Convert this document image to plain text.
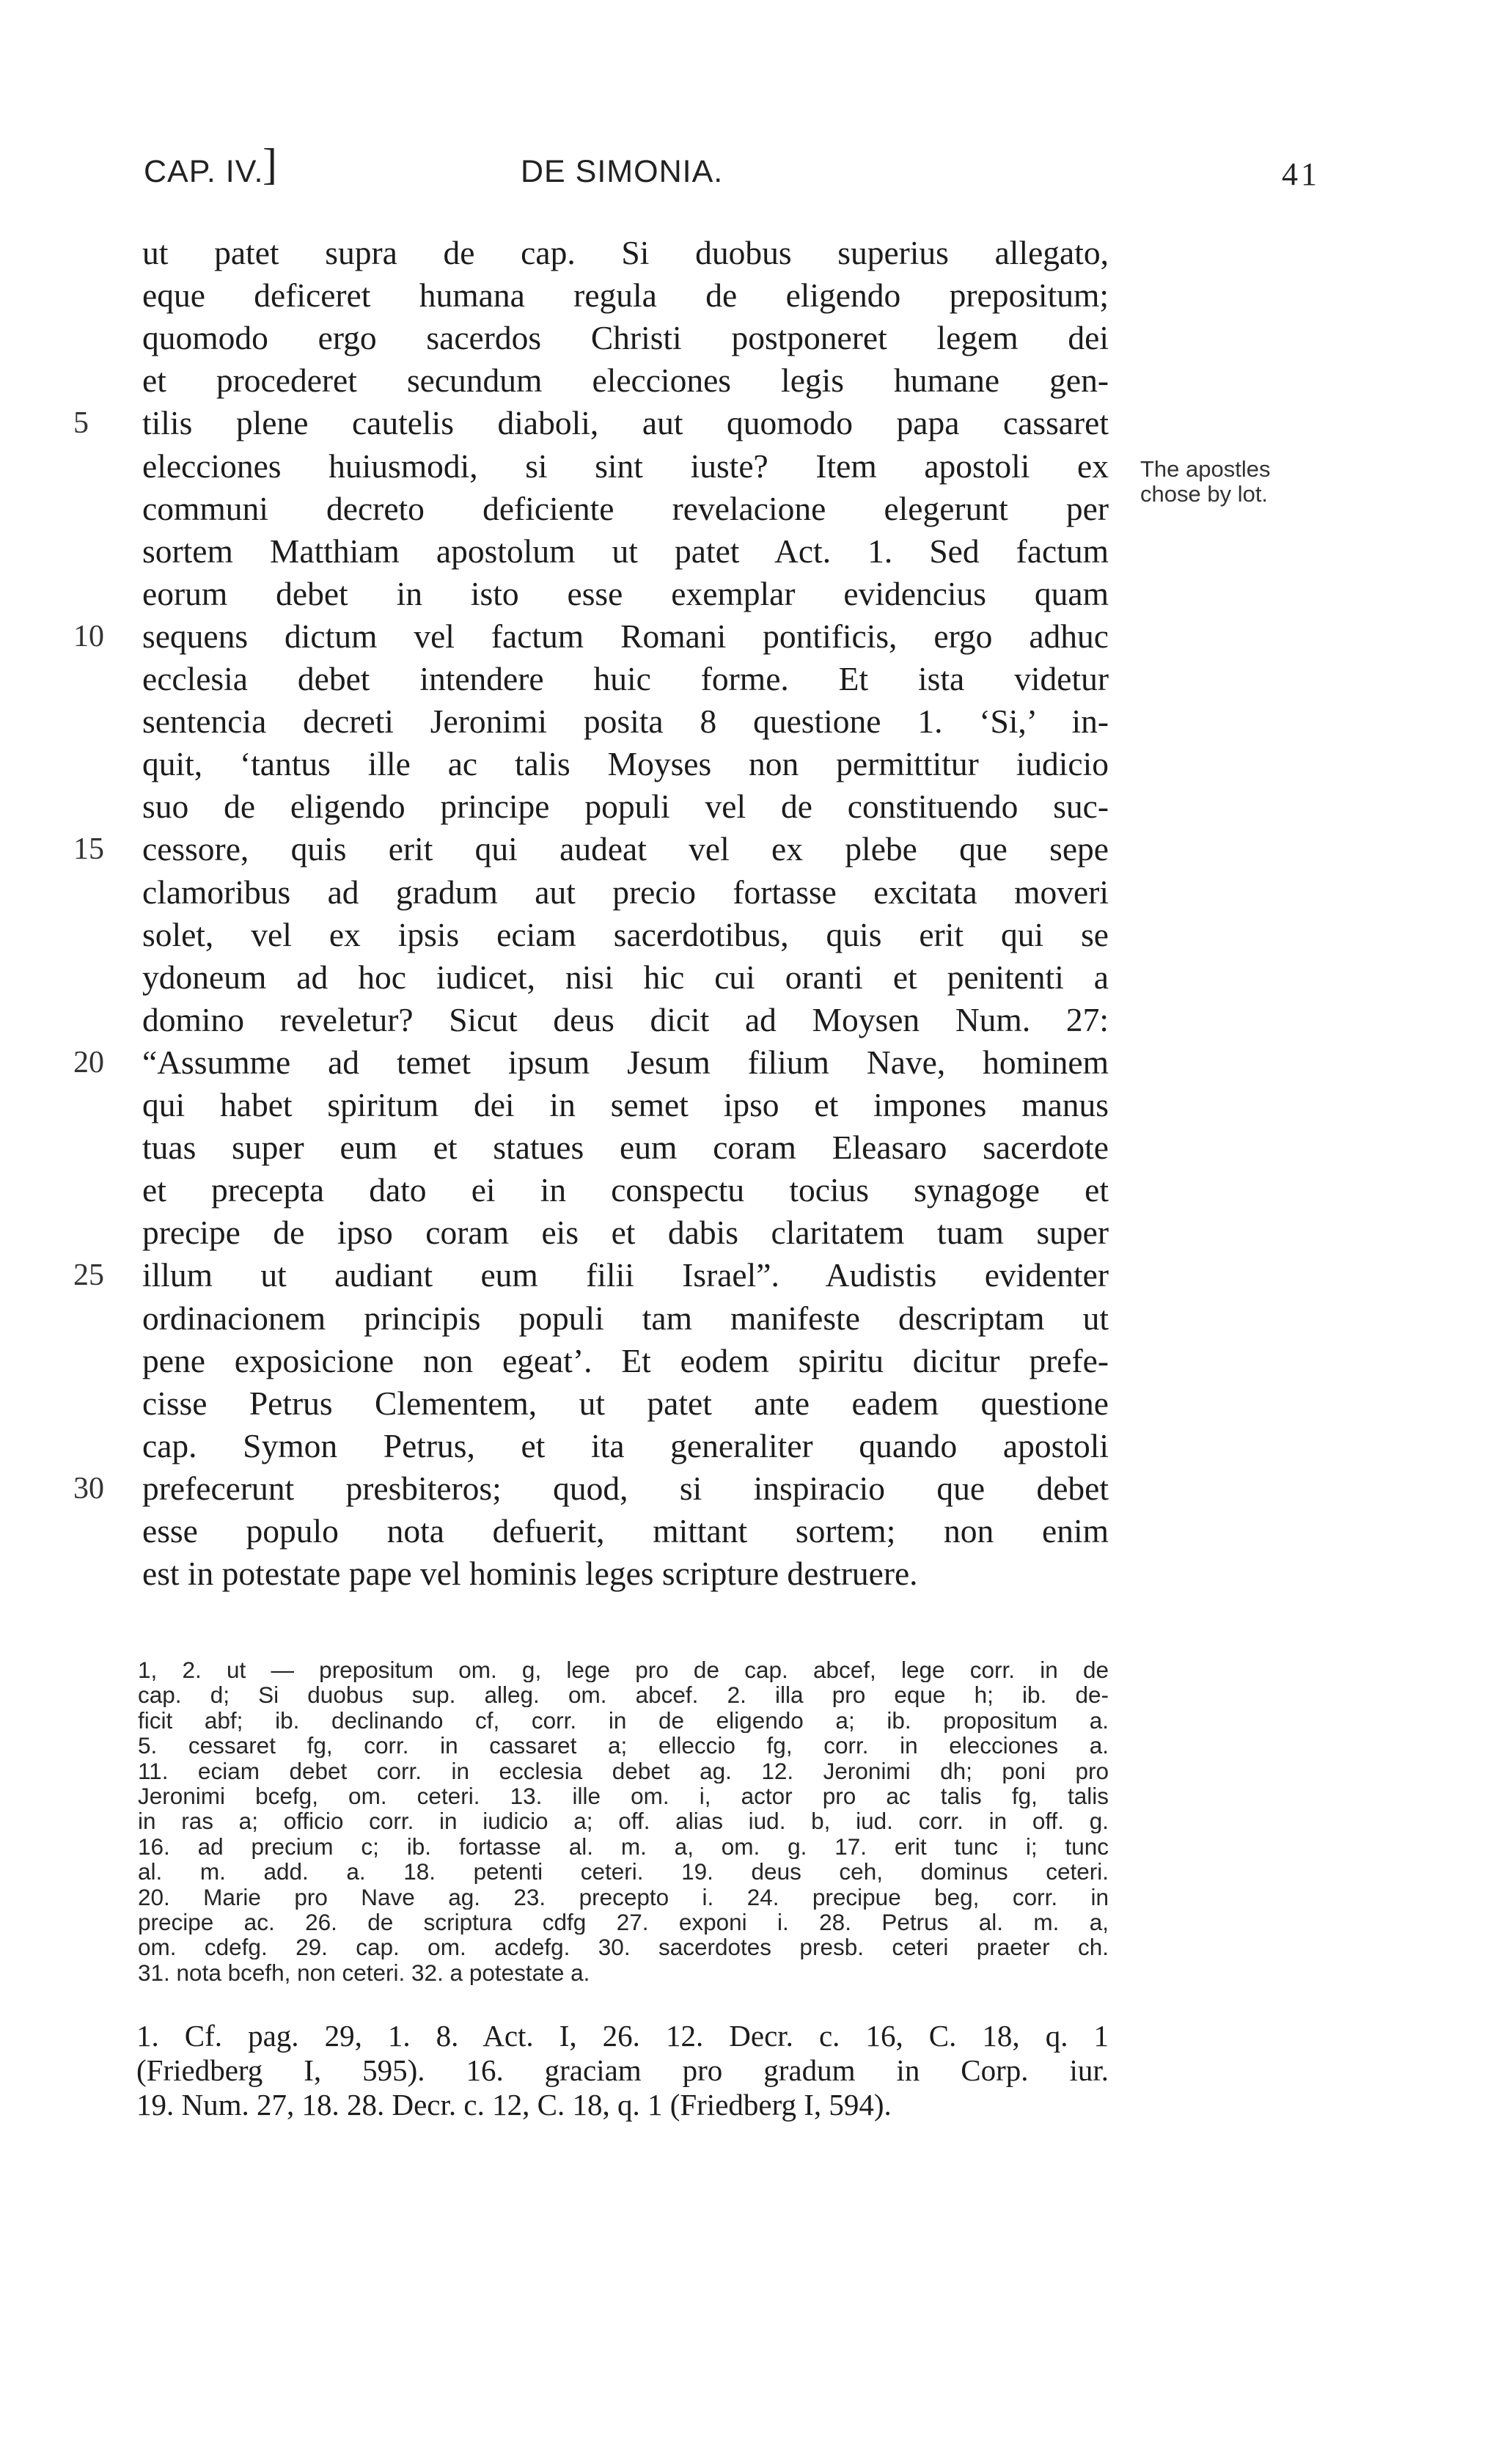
CAP. IV.
]	DE SIMONIA.	41
ut patet supra de cap. Si duobus superius allegato,
eque deficeret humana regula de eligendo prepositum;
quomodo ergo sacerdos Christi postponeret legem dei
et procederet secundum elecciones legis humane gen-
5	tilis plene cautelis diaboli, aut quomodo papa cassaret
elecciones huiusmodi, si sint iuste? Item apostoli ex
communi decreto deficiente revelacione elegerunt per
sortem Matthiam apostolum ut patet Act. 1. Sed factum
eorum debet in isto esse exemplar evidencius quam
10	sequens dictum vel factum Romani pontificis, ergo adhuc
ecclesia debet intendere huic forme. Et ista videtur
sentencia decreti Jeronimi posita 8 questione 1. ‘Si,’ in-
quit, ‘tantus ille ac talis Moyses non permittitur iudicio
suo de eligendo principe populi vel de constituendo suc-
15	cessore, quis erit qui audeat vel ex plebe que sepe
clamoribus ad gradum aut precio fortasse excitata moveri
solet, vel ex ipsis eciam sacerdotibus, quis erit qui se
ydoneum ad hoc iudicet, nisi hic cui oranti et penitenti a
domino reveletur? Sicut deus dicit ad Moysen Num. 27:
20	“Assumme ad temet ipsum Jesum filium Nave, hominem
qui habet spiritum dei in semet ipso et impones manus
tuas super eum et statues eum coram Eleasaro sacerdote
et precepta dato ei in conspectu tocius synagoge et
precipe de ipso coram eis et dabis claritatem tuam super
25	illum ut audiant eum filii Israel”. Audistis evidenter
ordinacionem principis populi tam manifeste descriptam ut
pene exposicione non egeat’. Et eodem spiritu dicitur prefe-
cisse Petrus Clementem, ut patet ante eadem questione
cap. Symon Petrus, et ita generaliter quando apostoli
30	prefecerunt presbiteros; quod, si inspiracio que debet
esse populo nota defuerit, mittant sortem; non enim
est in potestate pape vel hominis leges scripture destruere.
The apostles
chose by lot.
1, 2. ut — prepositum om. g, lege pro de cap. abcef, lege corr. in de
cap. d; Si duobus sup. alleg. om. abcef. 2. illa pro eque h; ib. de-
ficit abf; ib. declinando cf, corr. in de eligendo a; ib. propositum a.
5. cessaret fg, corr. in cassaret a; elleccio fg, corr. in elecciones a.
11. eciam debet corr. in ecclesia debet ag. 12. Jeronimi dh; poni pro
Jeronimi bcefg, om. ceteri. 13. ille om. i, actor pro ac talis fg, talis
in ras a; officio corr. in iudicio a; off. alias iud. b, iud. corr. in off. g.
16. ad precium c; ib. fortasse al. m. a, om. g. 17. erit tunc i; tunc
al. m. add. a. 18. petenti ceteri. 19. deus ceh, dominus ceteri.
20. Marie pro Nave ag. 23. precepto i. 24. precipue beg, corr. in
precipe ac. 26. de scriptura cdfg 27. exponi i. 28. Petrus al. m. a,
om. cdefg. 29. cap. om. acdefg. 30. sacerdotes presb. ceteri praeter ch.
31. nota bcefh, non ceteri. 32. a potestate a.
1. Cf. pag. 29, 1. 8. Act. I, 26. 12. Decr. c. 16, C. 18, q. 1
(Friedberg I, 595). 16. graciam pro gradum in Corp. iur.
19. Num. 27, 18. 28. Decr. c. 12, C. 18, q. 1 (Friedberg I, 594).
